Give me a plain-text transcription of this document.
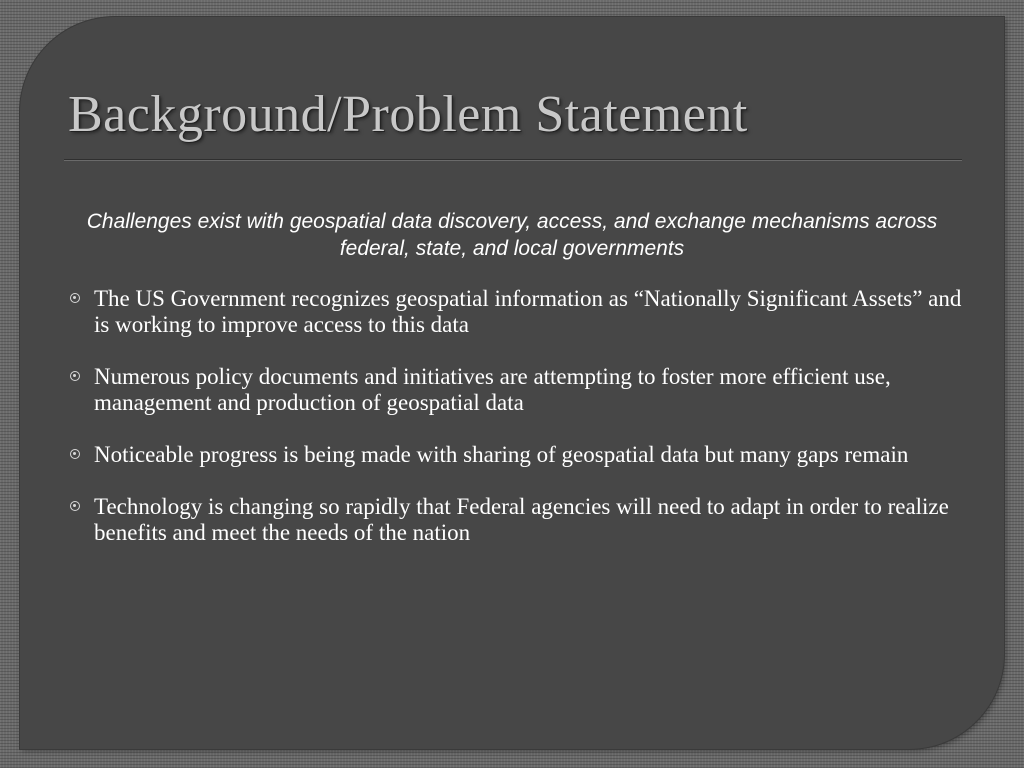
Background/Problem Statement

Challenges exist with geospatial data discovery, access, and exchange mechanisms across federal, state, and local governments

The US Government recognizes geospatial information as “Nationally Significant Assets” and is working to improve access to this data
Numerous policy documents and initiatives are attempting to foster more efficient use, management and production of geospatial data
Noticeable progress is being made with sharing of geospatial data but many gaps remain
Technology is changing so rapidly that Federal agencies will need to adapt in order to realize benefits and meet the needs of the nation
